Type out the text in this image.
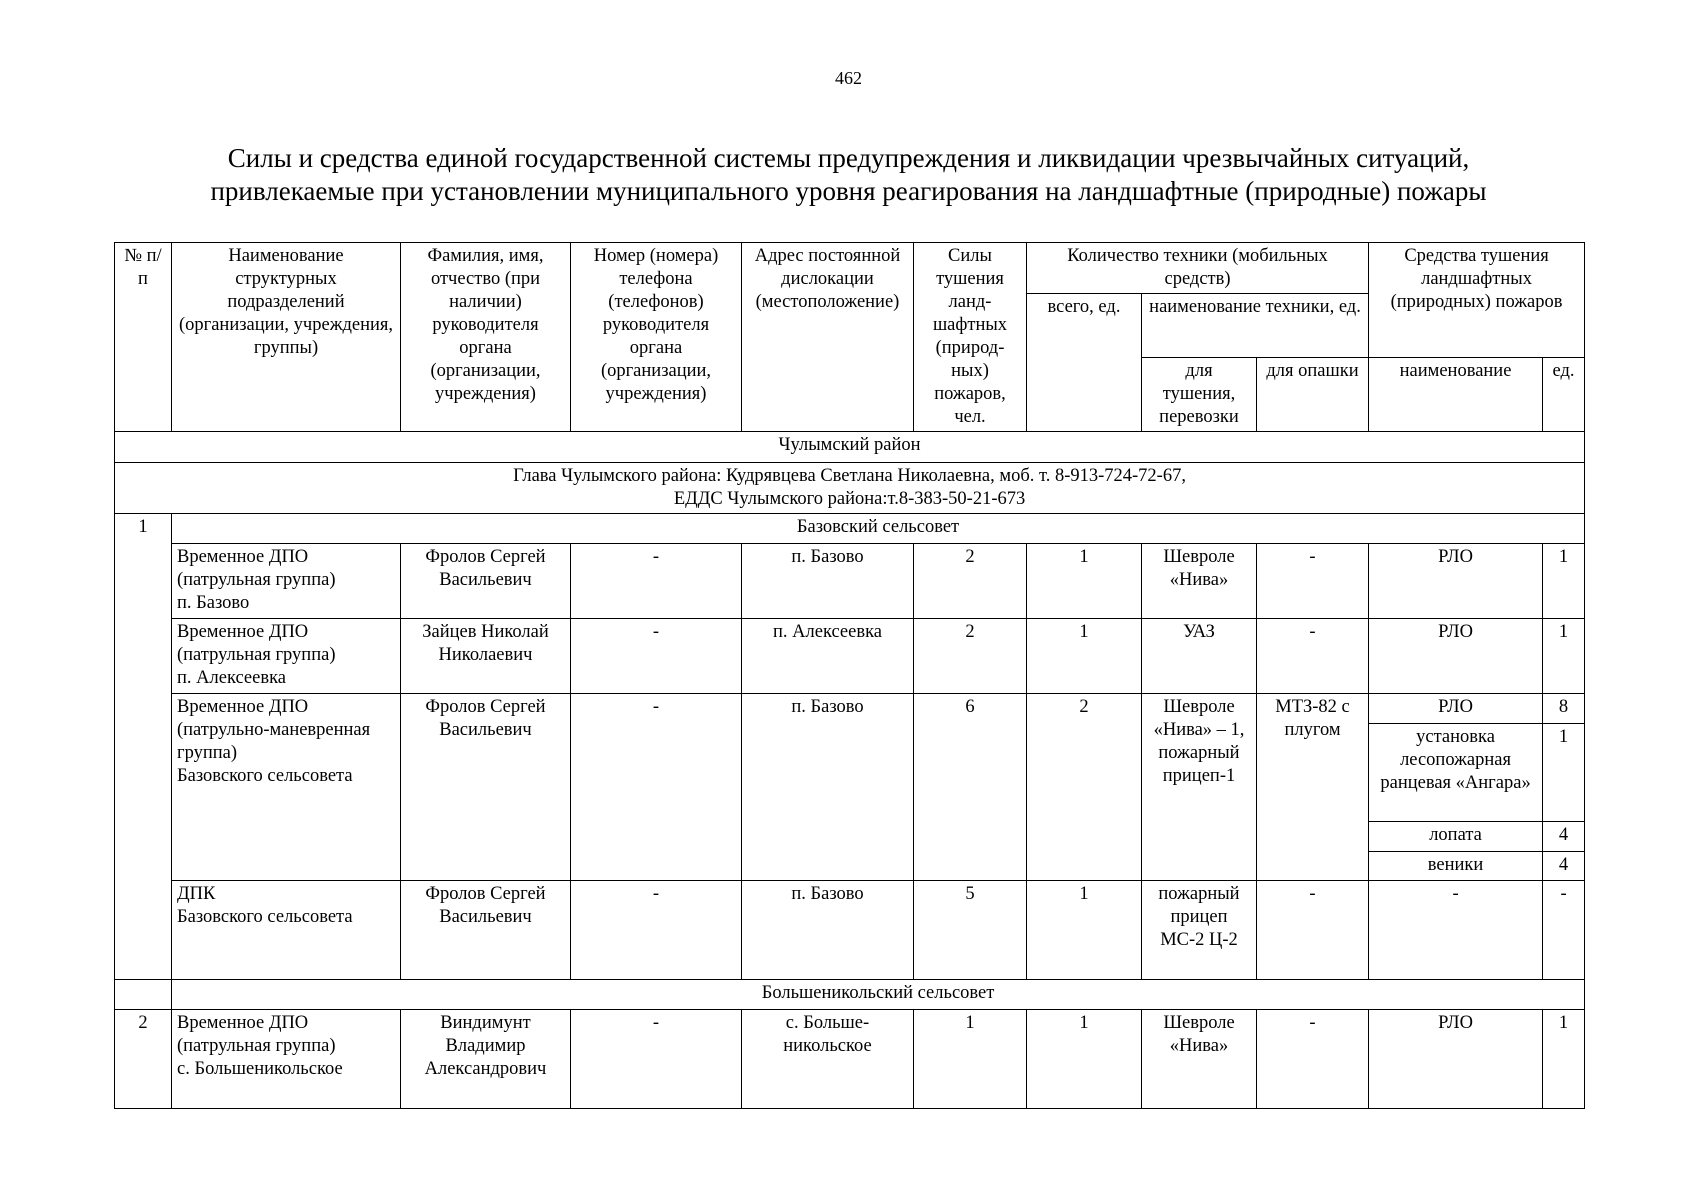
462
Силы и средства единой государственной системы предупреждения и ликвидации чрезвычайных ситуаций,
привлекаемые при установлении муниципального уровня реагирования на ландшафтные (природные) пожары
№ п/п	Наименование структурных подразделений (организации, учреждения, группы)	Фамилия, имя, отчество (при наличии) руководителя органа (организации, учреждения)	Номер (номера) телефона (телефонов) руководителя органа (организации, учреждения)	Адрес постоянной дислокации (местоположение)	Силы тушения ланд-шафтных (природ-ных) пожаров, чел.	Количество техники (мобильных средств)			Средства тушения ландшафтных (природных) пожаров	
						всего, ед.	наименование техники, ед.			
							для тушения, перевозки	для опашки	наименование	ед.
Чулымский район										

Глава Чулымского района: Кудрявцева Светлана Николаевна, моб. т. 8-913-724-72-67,
ЕДДС Чулымского района:т.8-383-50-21-673										

1	Базовский сельсовет									

	Временное ДПО
(патрульная группа)
п. Базово	Фролов Сергей Васильевич	-	п. Базово	2	1	Шевроле «Нива»	-	РЛО	1

	Временное ДПО
(патрульная группа)
п. Алексеевка	Зайцев Николай Николаевич	-	п. Алексеевка	2	1	УАЗ	-	РЛО	1

	Временное ДПО
(патрульно-маневренная группа)
Базовского сельсовета	Фролов Сергей Васильевич	-	п. Базово	6	2	Шевроле «Нива» – 1, пожарный прицеп-1	МТЗ-82 с плугом	РЛО	8
									установка лесопожарная ранцевая «Ангара»	1
									лопата	4
									веники	4

	ДПК
Базовского сельсовета	Фролов Сергей Васильевич	-	п. Базово	5	1	пожарный прицеп МС-2 Ц-2	-	-	-
	Большеникольский сельсовет									
2	Временное ДПО
(патрульная группа)
с. Большеникольское	Виндимунт Владимир Александрович	-	с. Больше-никольское	1	1	Шевроле «Нива»	-	РЛО	1
